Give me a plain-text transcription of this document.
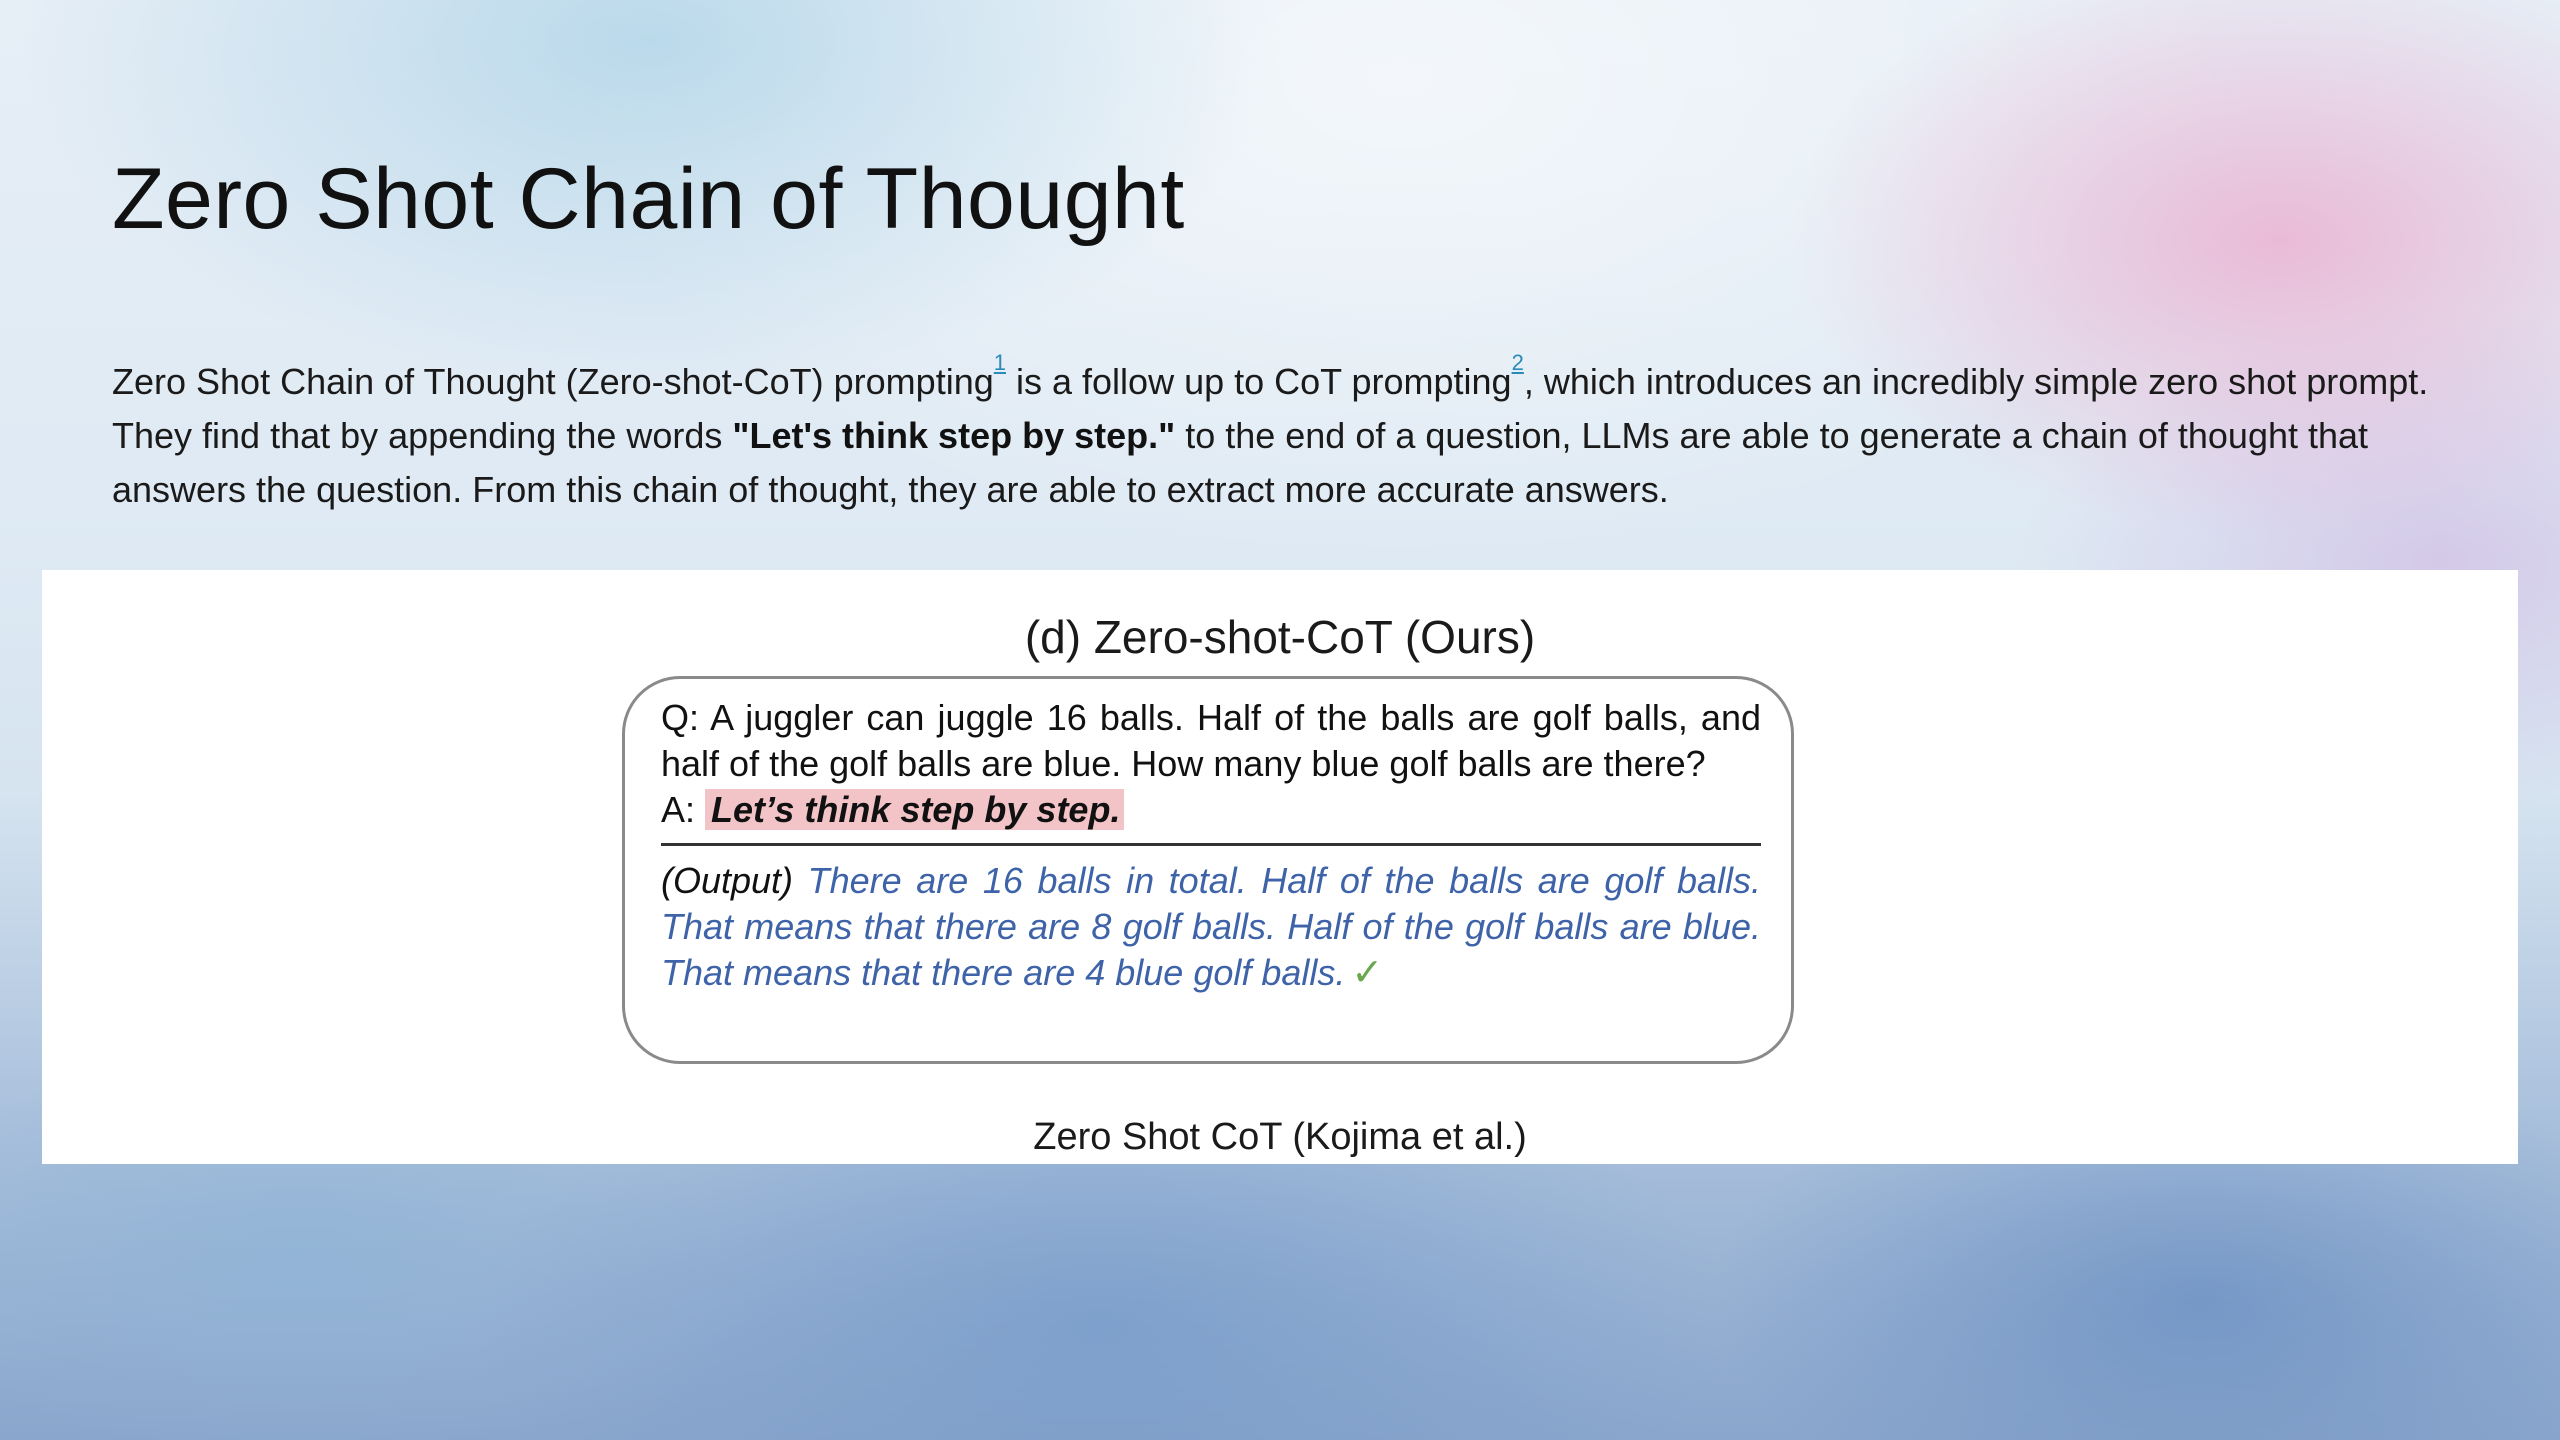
Zero Shot Chain of Thought

Zero Shot Chain of Thought (Zero-shot-CoT) prompting$^{^1}$ is a follow up to CoT prompting$^{^2}$, which introduces an incredibly simple zero shot prompt. They find that by appending the words "Let's think step by step." to the end of a question, LLMs are able to generate a chain of thought that answers the question. From this chain of thought, they are able to extract more accurate answers.

(d) Zero-shot-CoT (Ours)

Q: A juggler can juggle 16 balls. Half of the balls are golf balls, and half of the golf balls are blue. How many blue golf balls are there?

A: Let’s think step by step.

(Output) There are 16 balls in total. Half of the balls are golf balls. That means that there are 8 golf balls. Half of the golf balls are blue. That means that there are 4 blue golf balls. ✓

Zero Shot CoT (Kojima et al.)
